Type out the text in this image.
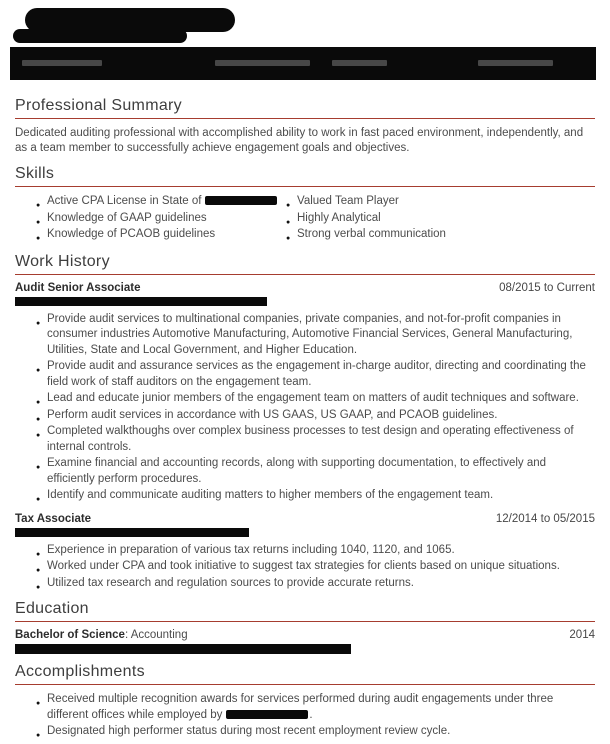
Professional Summary

Dedicated auditing professional with accomplished ability to work in fast paced environment, independently, and as a team member to successfully achieve engagement goals and objectives.

Skills
● Active CPA License in State of
● Knowledge of GAAP guidelines
● Knowledge of PCAOB guidelines
● Valued Team Player
● Highly Analytical
● Strong verbal communication
Work History
Audit Senior Associate	08/2015 to Current
● Provide audit services to multinational companies, private companies, and not-for-profit companies in consumer industries Automotive Manufacturing, Automotive Financial Services, General Manufacturing, Utilities, State and Local Government, and Higher Education.
● Provide audit and assurance services as the engagement in-charge auditor, directing and coordinating the field work of staff auditors on the engagement team.
● Lead and educate junior members of the engagement team on matters of audit techniques and software.
● Perform audit services in accordance with US GAAS, US GAAP, and PCAOB guidelines.
● Completed walkthoughs over complex business processes to test design and operating effectiveness of internal controls.
● Examine financial and accounting records, along with supporting documentation, to effectively and efficiently perform procedures.
● Identify and communicate auditing matters to higher members of the engagement team.
Tax Associate	12/2014 to 05/2015
● Experience in preparation of various tax returns including 1040, 1120, and 1065.
● Worked under CPA and took initiative to suggest tax strategies for clients based on unique situations.
● Utilized tax research and regulation sources to provide accurate returns.
Education
Bachelor of Science: Accounting	2014
Accomplishments
● Received multiple recognition awards for services performed during audit engagements under three different offices while employed by	.
● Designated high performer status during most recent employment review cycle.
